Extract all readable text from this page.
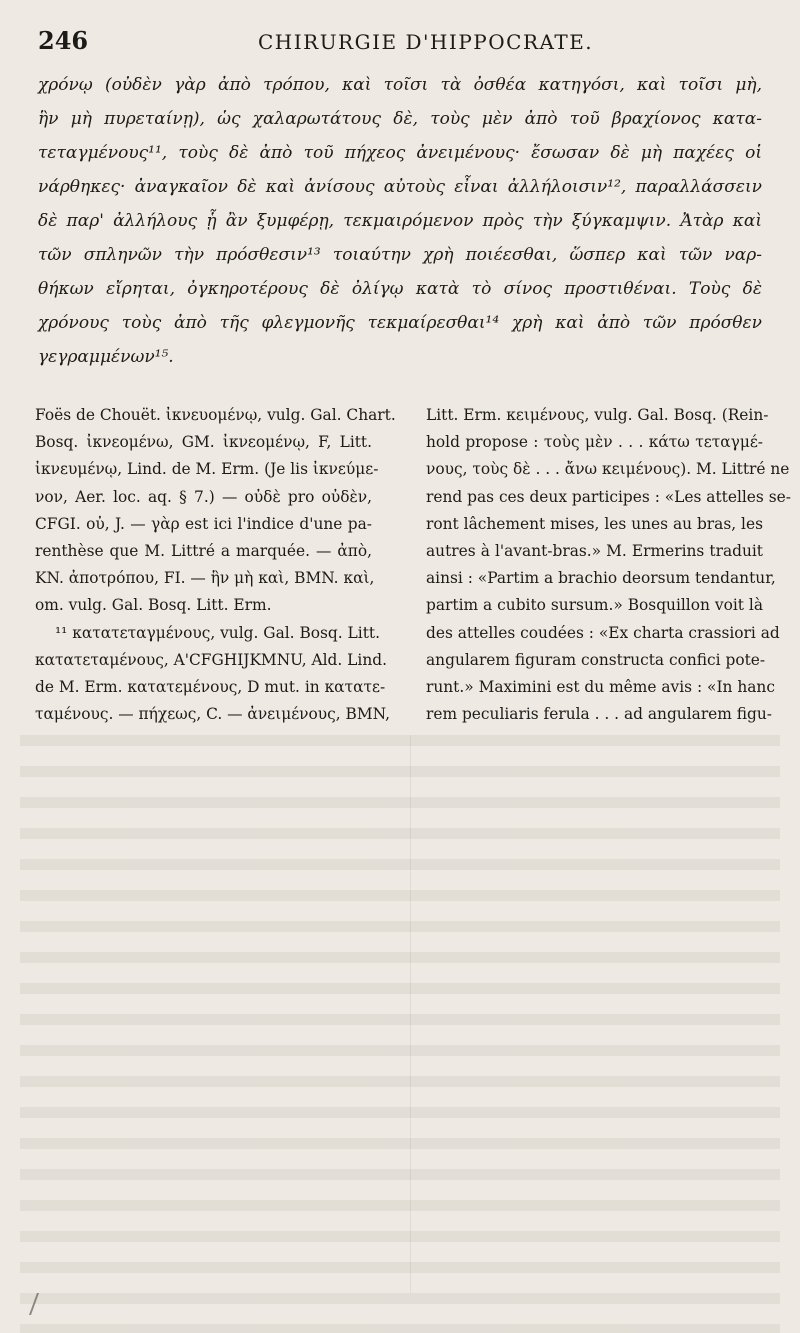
246	CHIRURGIE D'HIPPOCRATE.
χρόνῳ (οὐδὲν γὰρ ἀπὸ τρόπου, καὶ τοῖσι τὰ ὀσθέα κατηγόσι, καὶ τοῖσι μὴ,
ἣν μὴ πυρεταίνῃ), ὡς χαλαρωτάτους δὲ, τοὺς μὲν ἀπὸ τοῦ βραχίονος κατα-
τεταγμένους¹¹, τοὺς δὲ ἀπὸ τοῦ πήχεος ἀνειμένους· ἔσωσαν δὲ μὴ παχέες οἱ
νάρθηκες· ἀναγκαῖον δὲ καὶ ἀνίσους αὐτοὺς εἶναι ἀλλήλοισιν¹², παραλλάσσειν
δὲ παρ' ἀλλήλους ᾗ ἂν ξυμφέρῃ, τεκμαιρόμενον πρὸς τὴν ξύγκαμψιν. Ἀτὰρ καὶ
τῶν σπληνῶν τὴν πρόσθεσιν¹³ τοιαύτην χρὴ ποιέεσθαι, ὥσπερ καὶ τῶν ναρ-
θήκων εἴρηται, ὀγκηροτέρους δὲ ὀλίγῳ κατὰ τὸ σίνος προστιθέναι. Τοὺς δὲ
χρόνους τοὺς ἀπὸ τῆς φλεγμονῆς τεκμαίρεσθαι¹⁴ χρὴ καὶ ἀπὸ τῶν πρόσθεν
γεγραμμένων¹⁵.
Foës de Chouët. ἰκνευομένῳ, vulg. Gal. Chart.
Bosq. ἰκνεομένω, GM. ἰκνεομένῳ, F, Litt.
ἰκνευμένῳ, Lind. de M. Erm. (Je lis ἰκνεύμε-
νον, Aer. loc. aq. § 7.) — οὐδὲ pro οὐδὲν,
CFGI. οὐ, J. — γὰρ est ici l'indice d'une pa-
renthèse que M. Littré a marquée. — ἀπὸ,
KN. ἀποτρόπου, FI. — ἣν μὴ καὶ, BMN. καὶ,
om. vulg. Gal. Bosq. Litt. Erm.
¹¹ κατατεταγμένους, vulg. Gal. Bosq. Litt.
κατατεταμένους, A'CFGHIJKMNU, Ald. Lind.
de M. Erm. κατατεμένους, D mut. in κατατε-
ταμένους. — πήχεως, C. — ἀνειμένους, BMN,
Litt. Erm. κειμένους, vulg. Gal. Bosq. (Rein-
hold propose : τοὺς μὲν . . . κάτω τεταγμέ-
νους, τοὺς δὲ . . . ἄνω κειμένους). M. Littré ne
rend pas ces deux participes : «Les attelles se-
ront lâchement mises, les unes au bras, les
autres à l'avant-bras.» M. Ermerins traduit
ainsi : «Partim a brachio deorsum tendantur,
partim a cubito sursum.» Bosquillon voit là
des attelles coudées : «Ex charta crassiori ad
angularem figuram constructa confici pote-
runt.» Maximini est du même avis : «In hanc
rem peculiaris ferula . . . ad angularem figu-
